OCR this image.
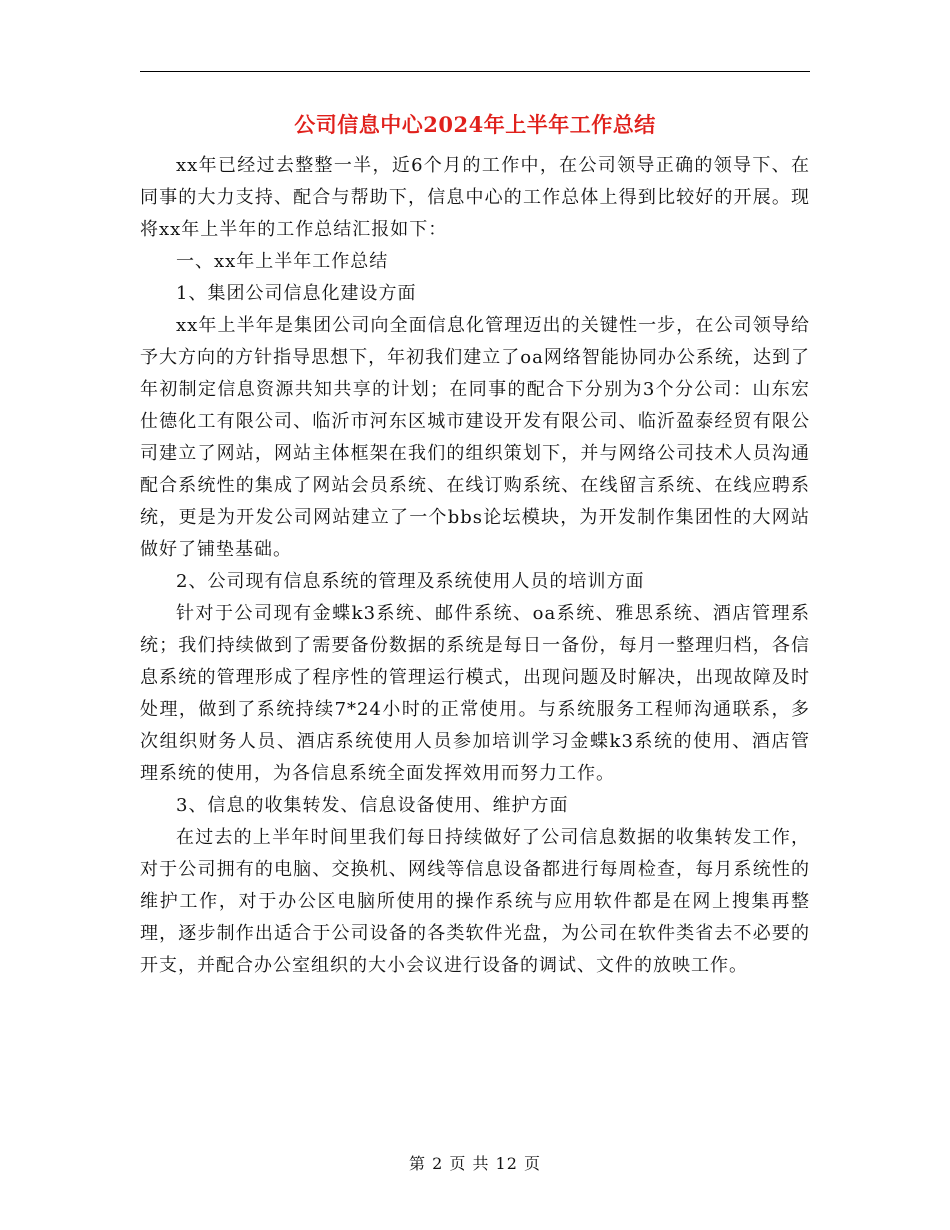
公司信息中心2024年上半年工作总结

xx年已经过去整整一半，近6个月的工作中，在公司领导正确的领导下、在同事的大力支持、配合与帮助下，信息中心的工作总体上得到比较好的开展。现将xx年上半年的工作总结汇报如下：

一、xx年上半年工作总结

1、集团公司信息化建设方面

xx年上半年是集团公司向全面信息化管理迈出的关键性一步，在公司领导给予大方向的方针指导思想下，年初我们建立了oa网络智能协同办公系统，达到了年初制定信息资源共知共享的计划；在同事的配合下分别为3个分公司：山东宏仕德化工有限公司、临沂市河东区城市建设开发有限公司、临沂盈泰经贸有限公司建立了网站，网站主体框架在我们的组织策划下，并与网络公司技术人员沟通配合系统性的集成了网站会员系统、在线订购系统、在线留言系统、在线应聘系统，更是为开发公司网站建立了一个bbs论坛模块，为开发制作集团性的大网站做好了铺垫基础。

2、公司现有信息系统的管理及系统使用人员的培训方面

针对于公司现有金蝶k3系统、邮件系统、oa系统、雅思系统、酒店管理系统；我们持续做到了需要备份数据的系统是每日一备份，每月一整理归档，各信息系统的管理形成了程序性的管理运行模式，出现问题及时解决，出现故障及时处理，做到了系统持续7*24小时的正常使用。与系统服务工程师沟通联系，多次组织财务人员、酒店系统使用人员参加培训学习金蝶k3系统的使用、酒店管理系统的使用，为各信息系统全面发挥效用而努力工作。

3、信息的收集转发、信息设备使用、维护方面

在过去的上半年时间里我们每日持续做好了公司信息数据的收集转发工作，对于公司拥有的电脑、交换机、网线等信息设备都进行每周检查，每月系统性的维护工作，对于办公区电脑所使用的操作系统与应用软件都是在网上搜集再整理，逐步制作出适合于公司设备的各类软件光盘，为公司在软件类省去不必要的开支，并配合办公室组织的大小会议进行设备的调试、文件的放映工作。

第 2 页 共 12 页
